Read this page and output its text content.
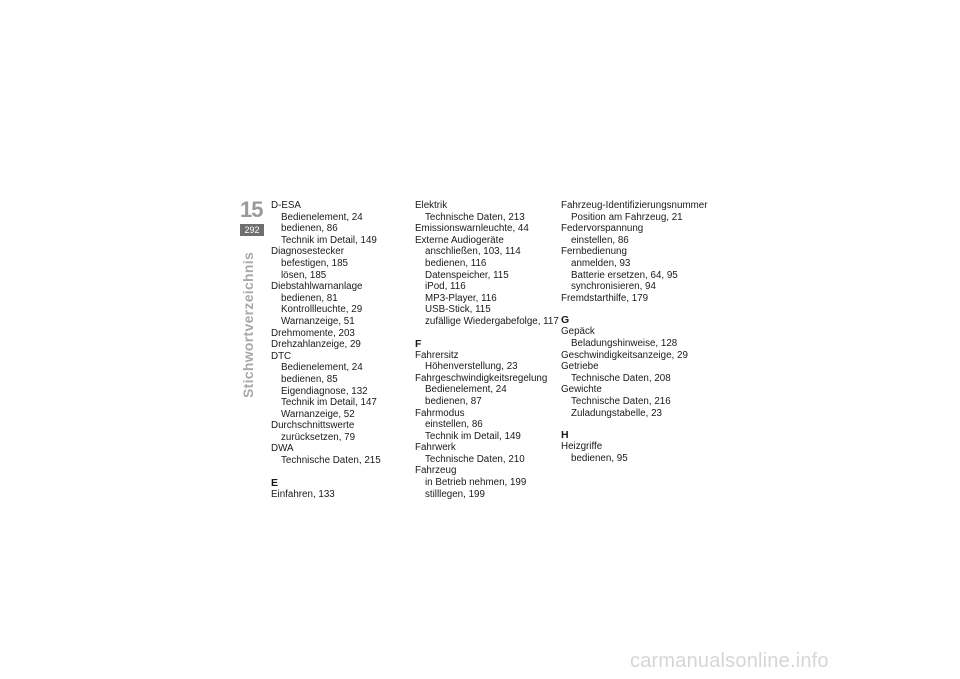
15
292
Stichwortverzeichnis
D-ESA
Bedienelement, 24
bedienen, 86
Technik im Detail, 149
Diagnosestecker
befestigen, 185
lösen, 185
Diebstahlwarnanlage
bedienen, 81
Kontrollleuchte, 29
Warnanzeige, 51
Drehmomente, 203
Drehzahlanzeige, 29
DTC
Bedienelement, 24
bedienen, 85
Eigendiagnose, 132
Technik im Detail, 147
Warnanzeige, 52
Durchschnittswerte
zurücksetzen, 79
DWA
Technische Daten, 215
E
Einfahren, 133
Elektrik
Technische Daten, 213
Emissionswarnleuchte, 44
Externe Audiogeräte
anschließen, 103, 114
bedienen, 116
Datenspeicher, 115
iPod, 116
MP3-Player, 116
USB-Stick, 115
zufällige Wiedergabefolge, 117
F
Fahrersitz
Höhenverstellung, 23
Fahrgeschwindigkeitsregelung
Bedienelement, 24
bedienen, 87
Fahrmodus
einstellen, 86
Technik im Detail, 149
Fahrwerk
Technische Daten, 210
Fahrzeug
in Betrieb nehmen, 199
stilllegen, 199
Fahrzeug-Identifizierungsnummer
Position am Fahrzeug, 21
Federvorspannung
einstellen, 86
Fernbedienung
anmelden, 93
Batterie ersetzen, 64, 95
synchronisieren, 94
Fremdstarthilfe, 179
G
Gepäck
Beladungshinweise, 128
Geschwindigkeitsanzeige, 29
Getriebe
Technische Daten, 208
Gewichte
Technische Daten, 216
Zuladungstabelle, 23
H
Heizgriffe
bedienen, 95
carmanualsonline.info
